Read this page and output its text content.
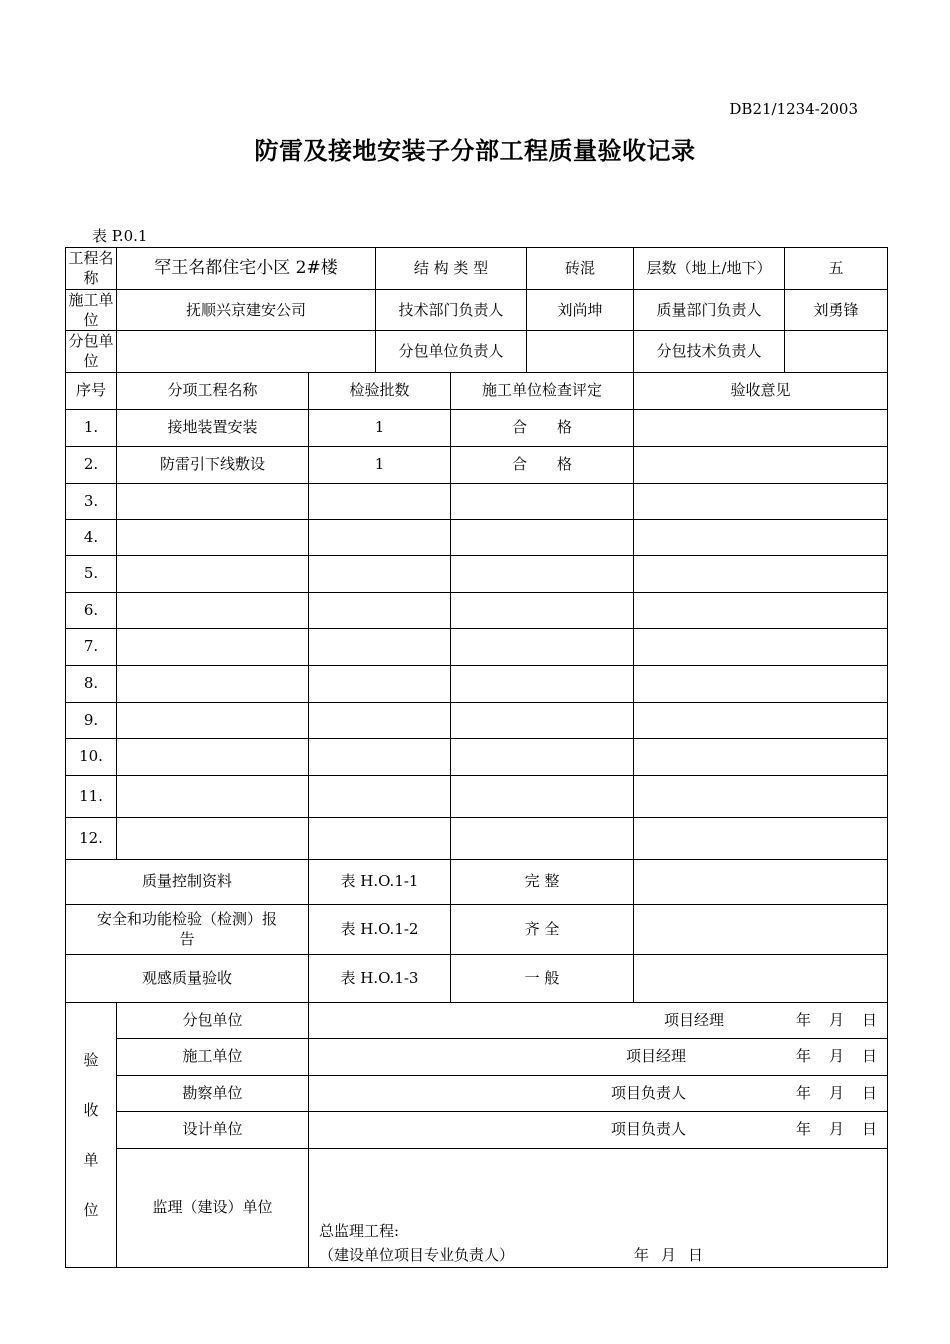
DB21/1234-2003
防雷及接地安装子分部工程质量验收记录
表 P.0.1
工程名称	罕王名都住宅小区 2#楼		结 构 类 型		砖混	层数（地上/地下）	五
施工单位	抚顺兴京建安公司		技术部门负责人		刘尚坤	质量部门负责人	刘勇锋
分包单位			分包单位负责人			分包技术负责人	
序号	分项工程名称	检验批数		施工单位检查评定		验收意见	
1.	接地装置安装	1		合　　格			
2.	防雷引下线敷设	1		合　　格			
3.							
4.							
5.							
6.							
7.							
8.							
9.							
10.							
11.							
12.							
质量控制资料		表 H.O.1-1		完 整			
安全和功能检验（检测）报告		表 H.O.1-2		齐 全			
观感质量验收		表 H.O.1-3		一 般			

验
收
单
位	分包单位	项目经理 年 月 日					

	施工单位	项目经理 年 月 日					

	勘察单位	项目负责人 年 月 日					

	设计单位	项目负责人 年 月 日					

	监理（建设）单位	总监理工程:
（建设单位项目专业负责人） 年 月 日					
